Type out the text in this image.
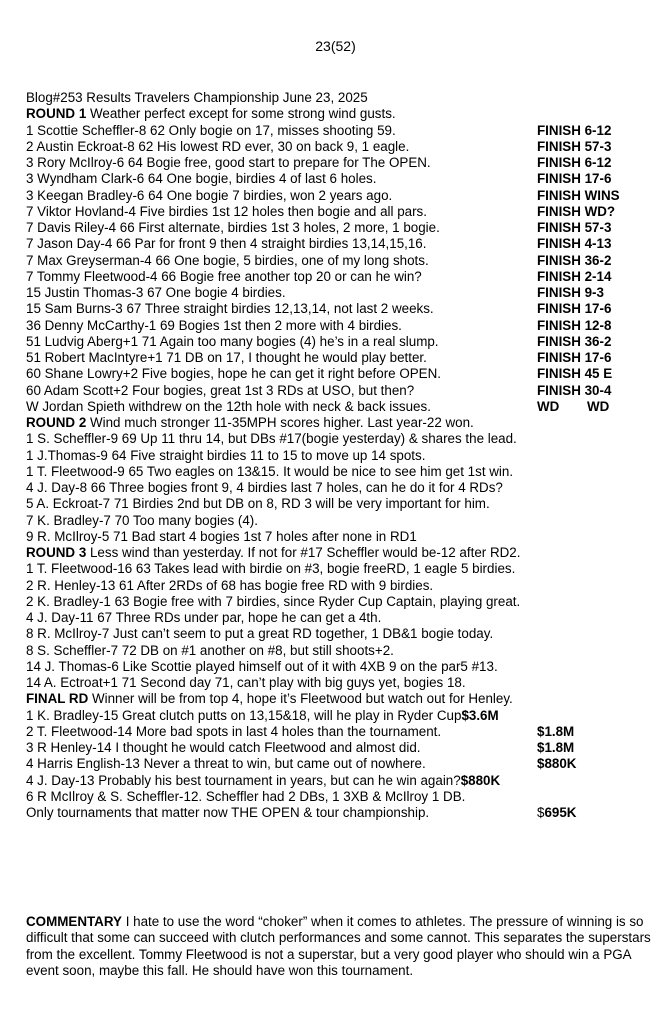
23(52)
Blog#253 Results Travelers Championship June 23, 2025
ROUND 1 Weather perfect except for some strong wind gusts.
1 Scottie Scheffler-8 62 Only bogie on 17, misses shooting 59.	FINISH 6-12
2 Austin Eckroat-8 62 His lowest RD ever, 30 on back 9, 1 eagle.	FINISH 57-3
3 Rory McIlroy-6 64 Bogie free, good start to prepare for The OPEN.	FINISH 6-12
3 Wyndham Clark-6 64 One bogie, birdies 4 of last 6 holes.	FINISH 17-6
3 Keegan Bradley-6 64 One bogie 7 birdies, won 2 years ago.	FINISH WINS
7 Viktor Hovland-4 Five birdies 1st 12 holes then bogie and all pars.	FINISH WD?
7 Davis Riley-4 66 First alternate, birdies 1st 3 holes, 2 more, 1 bogie.	FINISH 57-3
7 Jason Day-4 66 Par for front 9 then 4 straight birdies 13,14,15,16.	FINISH 4-13
7 Max Greyserman-4 66 One bogie, 5 birdies, one of my long shots.	FINISH 36-2
7 Tommy Fleetwood-4 66 Bogie free another top 20 or can he win?	FINISH 2-14
15 Justin Thomas-3 67 One bogie 4 birdies.	FINISH 9-3
15 Sam Burns-3 67 Three straight birdies 12,13,14, not last 2 weeks.	FINISH 17-6
36 Denny McCarthy-1 69 Bogies 1st then 2 more with 4 birdies.	FINISH 12-8
51 Ludvig Aberg+1 71 Again too many bogies (4) he’s in a real slump.	FINISH 36-2
51 Robert MacIntyre+1 71 DB on 17, I thought he would play better.	FINISH 17-6
60 Shane Lowry+2 Five bogies, hope he can get it right before OPEN.	FINISH 45 E
60 Adam Scott+2 Four bogies, great 1st 3 RDs at USO, but then?	FINISH 30-4
W Jordan Spieth withdrew on the 12th hole with neck & back issues.	WD WD
ROUND 2 Wind much stronger 11-35MPH scores higher. Last year-22 won.
1 S. Scheffler-9 69 Up 11 thru 14, but DBs #17(bogie yesterday) & shares the lead.
1 J.Thomas-9 64 Five straight birdies 11 to 15 to move up 14 spots.
1 T. Fleetwood-9 65 Two eagles on 13&15. It would be nice to see him get 1st win.
4 J. Day-8 66 Three bogies front 9, 4 birdies last 7 holes, can he do it for 4 RDs?
5 A. Eckroat-7 71 Birdies 2nd but DB on 8, RD 3 will be very important for him.
7 K. Bradley-7 70 Too many bogies (4).
9 R. McIlroy-5 71 Bad start 4 bogies 1st 7 holes after none in RD1
ROUND 3 Less wind than yesterday. If not for #17 Scheffler would be-12 after RD2.
1 T. Fleetwood-16 63 Takes lead with birdie on #3, bogie freeRD, 1 eagle 5 birdies.
2 R. Henley-13 61 After 2RDs of 68 has bogie free RD with 9 birdies.
2 K. Bradley-1 63 Bogie free with 7 birdies, since Ryder Cup Captain, playing great.
4 J. Day-11 67 Three RDs under par, hope he can get a 4th.
8 R. McIlroy-7 Just can’t seem to put a great RD together, 1 DB&1 bogie today.
8 S. Scheffler-7 72 DB on #1 another on #8, but still shoots+2.
14 J. Thomas-6 Like Scottie played himself out of it with 4XB 9 on the par5 #13.
14 A. Ectroat+1 71 Second day 71, can’t play with big guys yet, bogies 18.
FINAL RD Winner will be from top 4, hope it’s Fleetwood but watch out for Henley.
1 K. Bradley-15 Great clutch putts on 13,15&18, will he play in Ryder Cup$3.6M
2 T. Fleetwood-14 More bad spots in last 4 holes than the tournament.	$1.8M
3 R Henley-14 I thought he would catch Fleetwood and almost did.	$1.8M
4 Harris English-13 Never a threat to win, but came out of nowhere.	$880K
4 J. Day-13 Probably his best tournament in years, but can he win again?$880K
6 R McIlroy & S. Scheffler-12. Scheffler had 2 DBs, 1 3XB & McIlroy 1 DB.
Only tournaments that matter now THE OPEN & tour championship.	$695K
COMMENTARY I hate to use the word “choker” when it comes to athletes. The pressure of winning is so difficult that some can succeed with clutch performances and some cannot. This separates the superstars from the excellent. Tommy Fleetwood is not a superstar, but a very good player who should win a PGA event soon, maybe this fall. He should have won this tournament.
